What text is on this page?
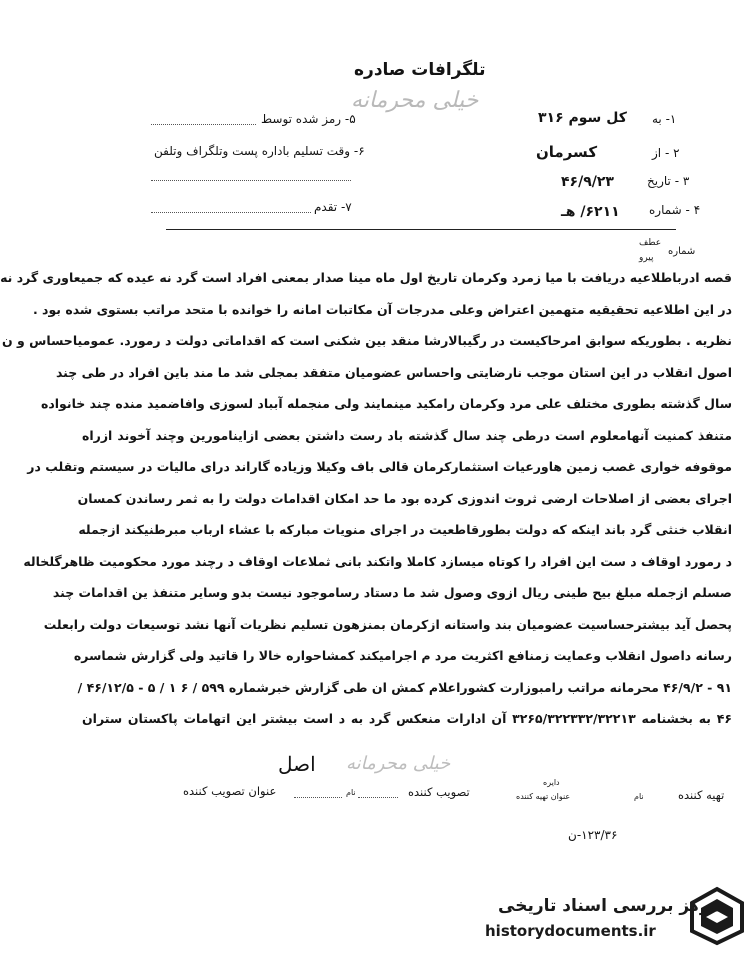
تلگرافات صادره
خیلی محرمانه
۱- به
کل سوم ۳۱۶
۲ - از
کسرمان
۳ - تاریخ
۴۶/۹/۲۳
۴ - شماره
۶۲۱۱/ هـ
۵- رمز شده توسط
۶- وقت تسلیم باداره پست وتلگراف وتلفن
۷- تقدم
شماره
عطف
پیرو
قصه ادرباطلاعیه دریافت با میا زمرد وکرمان تاریخ اول ماه مینا صدار بمعنی افراد است گرد نه عیده که جمیعاوری گرد نه
در این اطلاعیه تحقیقیه متهمین اعتراض وعلی مدرجات آن مکاتبات امانه را خوانده با متحد مراتب بستوی شده بود .
نظریه . بطوریکه سوابق امرحاکیست در رگیبالارشا منقد بین شکنی است که اقداماتی دولت د رمورد. عمومیاحساس و ن
اصول انقلاب در این استان موجب نارضایتی واحساس عضومیان متفقد بمجلی شد ما مند باین افراد در طی چند
سال گذشته بطوری مختلف علی مرد وکرمان رامکید مینمایند ولی منجمله آبباد لسوزی وافاضمید منده چند خانواده
متنفذ کمنیت آنهامعلوم است درطی چند سال گذشته باد رست داشتن بعضی ازاینامورین وچند آخوند ازراه
موقوفه خواری غصب زمین هاورعیات استثمارکرمان قالی باف وکیلا وزیاده گاراند درای مالیات در سیستم وتقلب در
اجرای بعضی از اصلاحات ارضی ثروت اندوزی کرده بود ما حد امکان اقدامات دولت را به ثمر رساندن کمسان
انقلاب خنثی گرد باند اینکه که دولت بطورقاطعیت در اجرای منویات مبارکه با عشاء ارباب مبرطنیکند ازجمله
د رمورد اوقاف د ست این افراد را کوتاه میسازد کاملا واتکند بانی ثملاعات اوقاف د رچند مورد محکومیت ظاهرگلخاله
صسلم ازجمله مبلغ بیح طینی ریال ازوی وصول شد ما دستاد رساموجود نیست بدو وسایر متنفذ ین اقدامات چند
پحصل آید بیشترحساسیت عضومیان بند واستانه ازکرمان بمنزهون تسلیم نظریات آنها نشد توسیعات دولت رابعلت
رسانه داصول انقلاب وعمایت زمنافع اکثریت مرد م اجرامیکند کمشاحواره خالا را قاتید ولی گزارش شماسره
۹۱ - ۴۶/۹/۲ محرمانه مراتب رامبوزارت کشوراعلام کمش ان طی گزارش خبرشماره ۵۹۹ / ۶ ۱ / ۵ - ۴۶/۱۲/۵ /
۴۶ به بخشنامه ۳۲۶۵/۳۲۲۳۳۲/۳۲۲۱۳ آن ادارات منعکس گرد به د است بیشتر این اتهامات پاکستان ستران
خیلی محرمانه
اصل
تهیه کننده
نام
دایره
عنوان تهیه کننده
تصویب کننده
نام
عنوان تصویب کننده
۱۲۳/۳۶-ن
مرکز بررسی اسناد تاریخی
historydocuments.ir
